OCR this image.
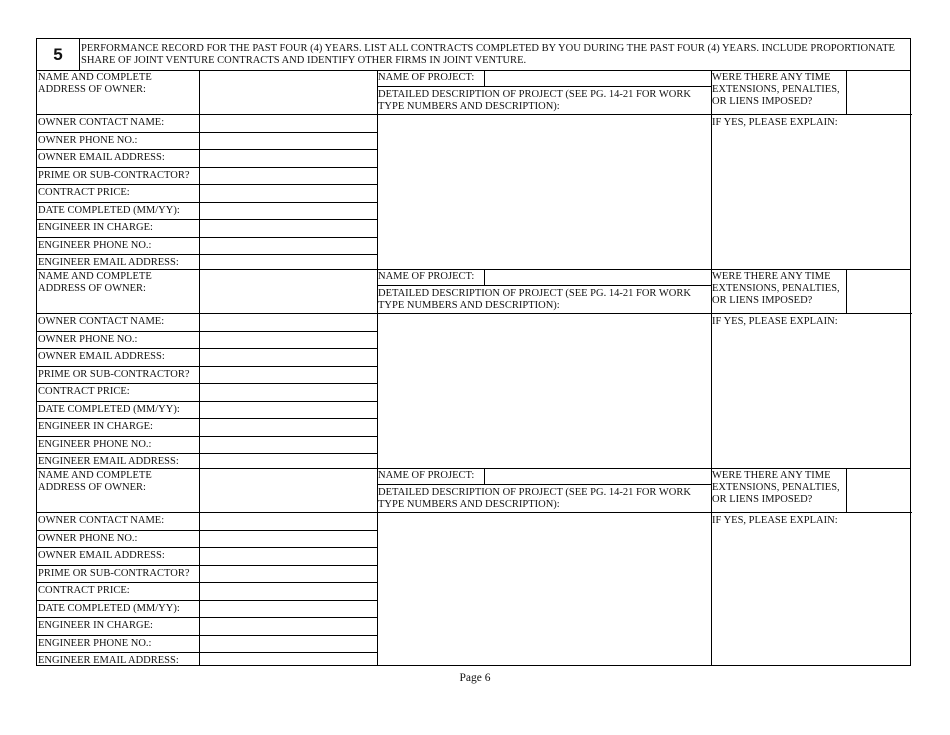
5	PERFORMANCE RECORD FOR THE PAST FOUR (4) YEARS. LIST ALL CONTRACTS COMPLETED BY YOU DURING THE PAST FOUR (4) YEARS. INCLUDE PROPORTIONATE SHARE OF JOINT VENTURE CONTRACTS AND IDENTIFY OTHER FIRMS IN JOINT VENTURE.
NAME AND COMPLETE ADDRESS OF OWNER:
NAME OF PROJECT:
DETAILED DESCRIPTION OF PROJECT (SEE PG. 14-21 FOR WORK TYPE NUMBERS AND DESCRIPTION):
WERE THERE ANY TIME EXTENSIONS, PENALTIES, OR LIENS IMPOSED?
IF YES, PLEASE EXPLAIN:
OWNER CONTACT NAME:
OWNER PHONE NO.:
OWNER EMAIL ADDRESS:
PRIME OR SUB-CONTRACTOR?
CONTRACT PRICE:
DATE COMPLETED (MM/YY):
ENGINEER IN CHARGE:
ENGINEER PHONE NO.:
ENGINEER EMAIL ADDRESS:
NAME AND COMPLETE ADDRESS OF OWNER:
NAME OF PROJECT:
DETAILED DESCRIPTION OF PROJECT (SEE PG. 14-21 FOR WORK TYPE NUMBERS AND DESCRIPTION):
WERE THERE ANY TIME EXTENSIONS, PENALTIES, OR LIENS IMPOSED?
IF YES, PLEASE EXPLAIN:
OWNER CONTACT NAME:
OWNER PHONE NO.:
OWNER EMAIL ADDRESS:
PRIME OR SUB-CONTRACTOR?
CONTRACT PRICE:
DATE COMPLETED (MM/YY):
ENGINEER IN CHARGE:
ENGINEER PHONE NO.:
ENGINEER EMAIL ADDRESS:
NAME AND COMPLETE ADDRESS OF OWNER:
NAME OF PROJECT:
DETAILED DESCRIPTION OF PROJECT (SEE PG. 14-21 FOR WORK TYPE NUMBERS AND DESCRIPTION):
WERE THERE ANY TIME EXTENSIONS, PENALTIES, OR LIENS IMPOSED?
IF YES, PLEASE EXPLAIN:
OWNER CONTACT NAME:
OWNER PHONE NO.:
OWNER EMAIL ADDRESS:
PRIME OR SUB-CONTRACTOR?
CONTRACT PRICE:
DATE COMPLETED (MM/YY):
ENGINEER IN CHARGE:
ENGINEER PHONE NO.:
ENGINEER EMAIL ADDRESS:
Page 6
